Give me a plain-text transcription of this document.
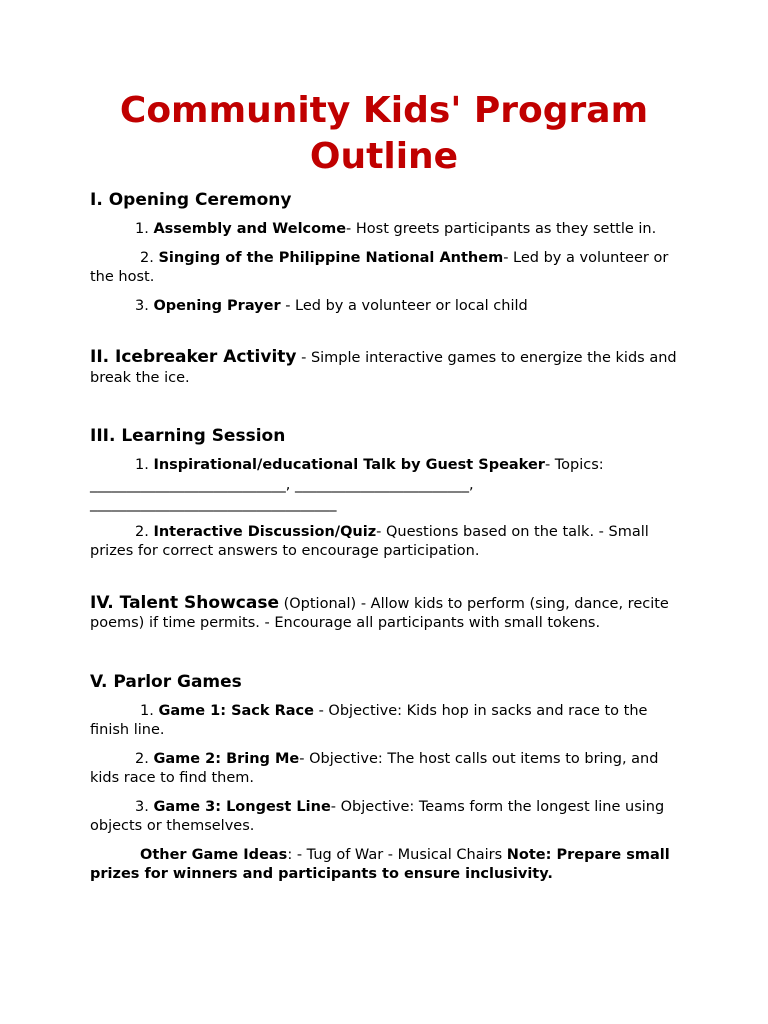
Community Kids' Program
Outline
I. Opening Ceremony
1. Assembly and Welcome- Host greets participants as they settle in.
2. Singing of the Philippine National Anthem- Led by a volunteer or the host.
3. Opening Prayer - Led by a volunteer or local child
II. Icebreaker Activity - Simple interactive games to energize the kids and break the ice.
III. Learning Session
1. Inspirational/educational Talk by Guest Speaker- Topics: ___________________________, ________________________, __________________________________
2. Interactive Discussion/Quiz- Questions based on the talk. - Small prizes for correct answers to encourage participation.
IV. Talent Showcase (Optional) - Allow kids to perform (sing, dance, recite poems) if time permits. - Encourage all participants with small tokens.
V. Parlor Games
1. Game 1: Sack Race - Objective: Kids hop in sacks and race to the finish line.
2. Game 2: Bring Me- Objective: The host calls out items to bring, and kids race to find them.
3. Game 3: Longest Line- Objective: Teams form the longest line using objects or themselves.
Other Game Ideas: - Tug of War - Musical Chairs Note: Prepare small prizes for winners and participants to ensure inclusivity.
